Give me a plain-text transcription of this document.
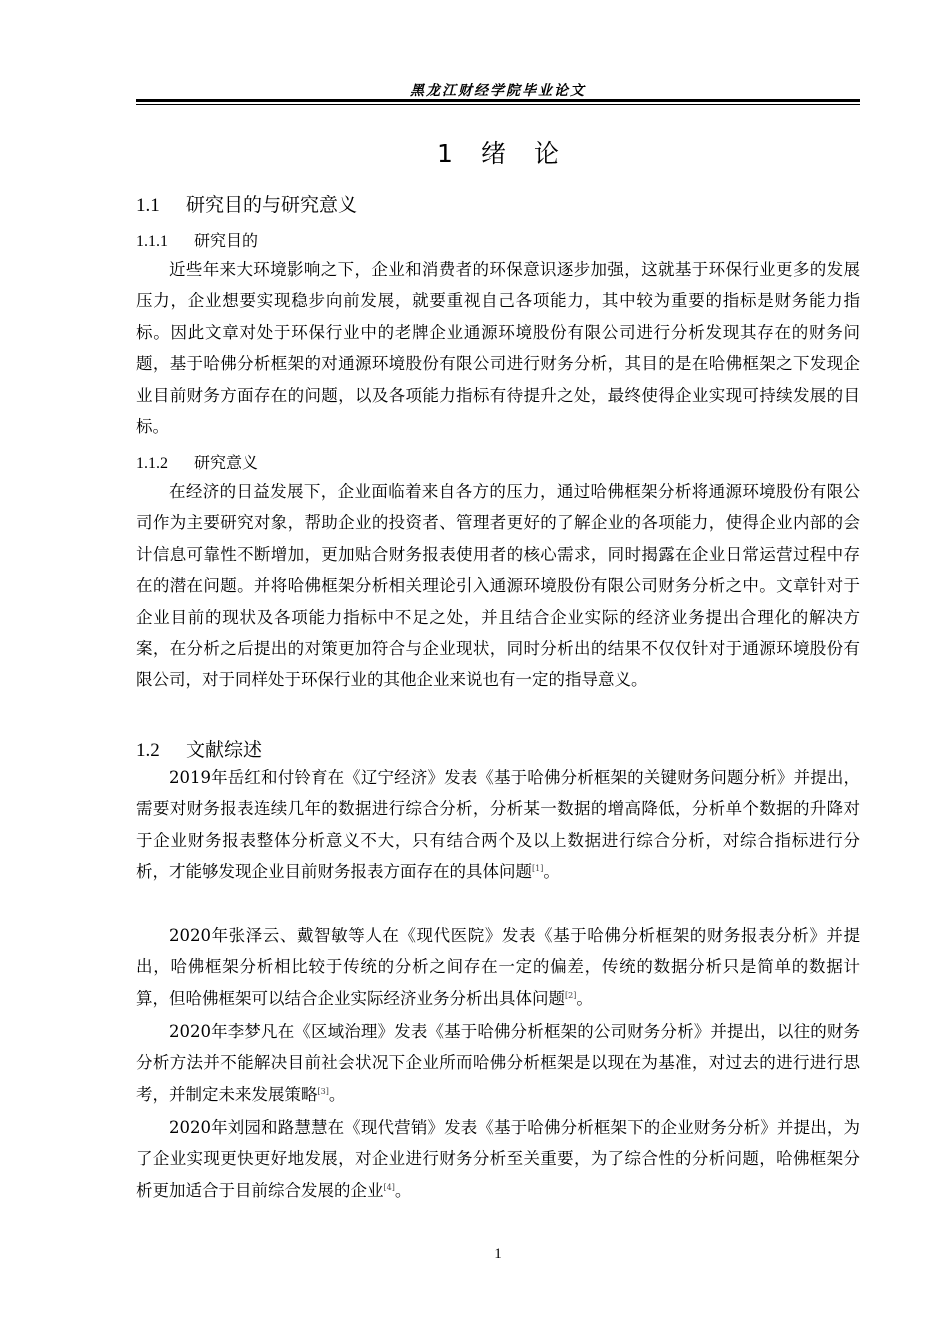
黑龙江财经学院毕业论文
1 绪 论
1.1 研究目的与研究意义
1.1.1 研究目的

近些年来大环境影响之下，企业和消费者的环保意识逐步加强，这就基于环保行业更多的发展压力，企业想要实现稳步向前发展，就要重视自己各项能力，其中较为重要的指标是财务能力指标。因此文章对处于环保行业中的老牌企业通源环境股份有限公司进行分析发现其存在的财务问题，基于哈佛分析框架的对通源环境股份有限公司进行财务分析，其目的是在哈佛框架之下发现企业目前财务方面存在的问题，以及各项能力指标有待提升之处，最终使得企业实现可持续发展的目标。

1.1.2 研究意义

在经济的日益发展下，企业面临着来自各方的压力，通过哈佛框架分析将通源环境股份有限公司作为主要研究对象，帮助企业的投资者、管理者更好的了解企业的各项能力，使得企业内部的会计信息可靠性不断增加，更加贴合财务报表使用者的核心需求，同时揭露在企业日常运营过程中存在的潜在问题。并将哈佛框架分析相关理论引入通源环境股份有限公司财务分析之中。文章针对于企业目前的现状及各项能力指标中不足之处，并且结合企业实际的经济业务提出合理化的解决方案，在分析之后提出的对策更加符合与企业现状，同时分析出的结果不仅仅针对于通源环境股份有限公司，对于同样处于环保行业的其他企业来说也有一定的指导意义。

1.2 文献综述

2019年岳红和付铃育在《辽宁经济》发表《基于哈佛分析框架的关键财务问题分析》并提出，需要对财务报表连续几年的数据进行综合分析，分析某一数据的增高降低，分析单个数据的升降对于企业财务报表整体分析意义不大，只有结合两个及以上数据进行综合分析，对综合指标进行分析，才能够发现企业目前财务报表方面存在的具体问题[1]。

2020年张泽云、戴智敏等人在《现代医院》发表《基于哈佛分析框架的财务报表分析》并提出，哈佛框架分析相比较于传统的分析之间存在一定的偏差，传统的数据分析只是简单的数据计算，但哈佛框架可以结合企业实际经济业务分析出具体问题[2]。

2020年李梦凡在《区域治理》发表《基于哈佛分析框架的公司财务分析》并提出，以往的财务分析方法并不能解决目前社会状况下企业所而哈佛分析框架是以现在为基准，对过去的进行进行思考，并制定未来发展策略[3]。

2020年刘园和路慧慧在《现代营销》发表《基于哈佛分析框架下的企业财务分析》并提出，为了企业实现更快更好地发展，对企业进行财务分析至关重要，为了综合性的分析问题，哈佛框架分析更加适合于目前综合发展的企业[4]。

1
